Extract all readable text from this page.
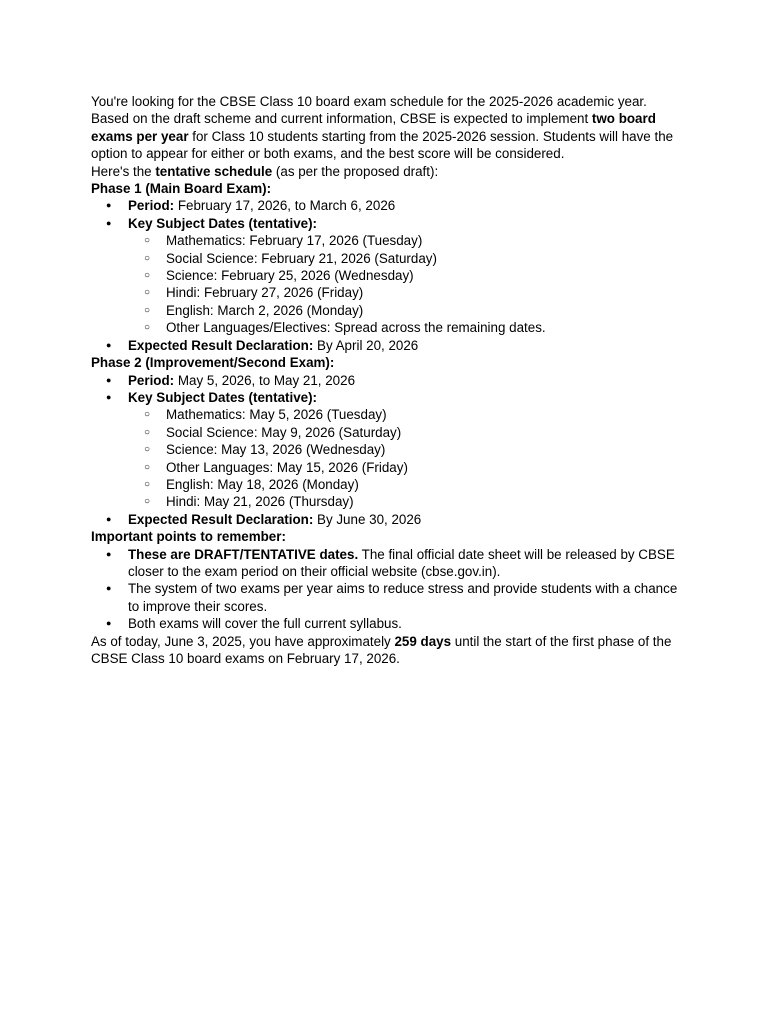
You're looking for the CBSE Class 10 board exam schedule for the 2025-2026 academic year.

Based on the draft scheme and current information, CBSE is expected to implement two board exams per year for Class 10 students starting from the 2025-2026 session. Students will have the option to appear for either or both exams, and the best score will be considered.

Here's the tentative schedule (as per the proposed draft):

Phase 1 (Main Board Exam):

● Period: February 17, 2026, to March 6, 2026
● Key Subject Dates (tentative):
○ Mathematics: February 17, 2026 (Tuesday)
○ Social Science: February 21, 2026 (Saturday)
○ Science: February 25, 2026 (Wednesday)
○ Hindi: February 27, 2026 (Friday)
○ English: March 2, 2026 (Monday)
○ Other Languages/Electives: Spread across the remaining dates.
● Expected Result Declaration: By April 20, 2026

Phase 2 (Improvement/Second Exam):

● Period: May 5, 2026, to May 21, 2026
● Key Subject Dates (tentative):
○ Mathematics: May 5, 2026 (Tuesday)
○ Social Science: May 9, 2026 (Saturday)
○ Science: May 13, 2026 (Wednesday)
○ Other Languages: May 15, 2026 (Friday)
○ English: May 18, 2026 (Monday)
○ Hindi: May 21, 2026 (Thursday)
● Expected Result Declaration: By June 30, 2026

Important points to remember:

● These are DRAFT/TENTATIVE dates. The final official date sheet will be released by CBSE closer to the exam period on their official website (cbse.gov.in).
● The system of two exams per year aims to reduce stress and provide students with a chance to improve their scores.
● Both exams will cover the full current syllabus.

As of today, June 3, 2025, you have approximately 259 days until the start of the first phase of the CBSE Class 10 board exams on February 17, 2026.
